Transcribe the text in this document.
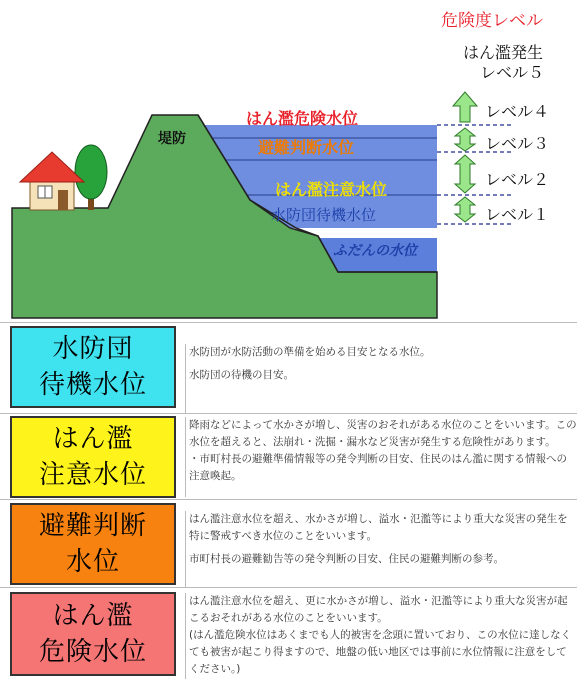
危険度レベル
はん濫発生
レベル５
レベル４
レベル３
レベル２
レベル１
堤防
はん濫危険水位
避難判断水位
はん濫注意水位
水防団待機水位
ふだんの水位
水防団
待機水位

水防団が水防活動の準備を始める目安となる水位。

水防団の待機の目安。

はん濫
注意水位

降雨などによって水かさが増し、災害のおそれがある水位のことをいいます。この水位を超えると、法崩れ・洗掘・漏水など災害が発生する危険性があります。

・市町村長の避難準備情報等の発令判断の目安、住民のはん濫に関する情報への注意喚起。

避難判断
水位

はん濫注意水位を超え、水かさが増し、溢水・氾濫等により重大な災害の発生を特に警戒すべき水位のことをいいます。

市町村長の避難勧告等の発令判断の目安、住民の避難判断の参考。

はん濫
危険水位

はん濫注意水位を超え、更に水かさが増し、溢水・氾濫等により重大な災害が起こるおそれがある水位のことをいいます。

(はん濫危険水位はあくまでも人的被害を念頭に置いており、この水位に達しなくても被害が起こり得ますので、地盤の低い地区では事前に水位情報に注意をしてください。)
